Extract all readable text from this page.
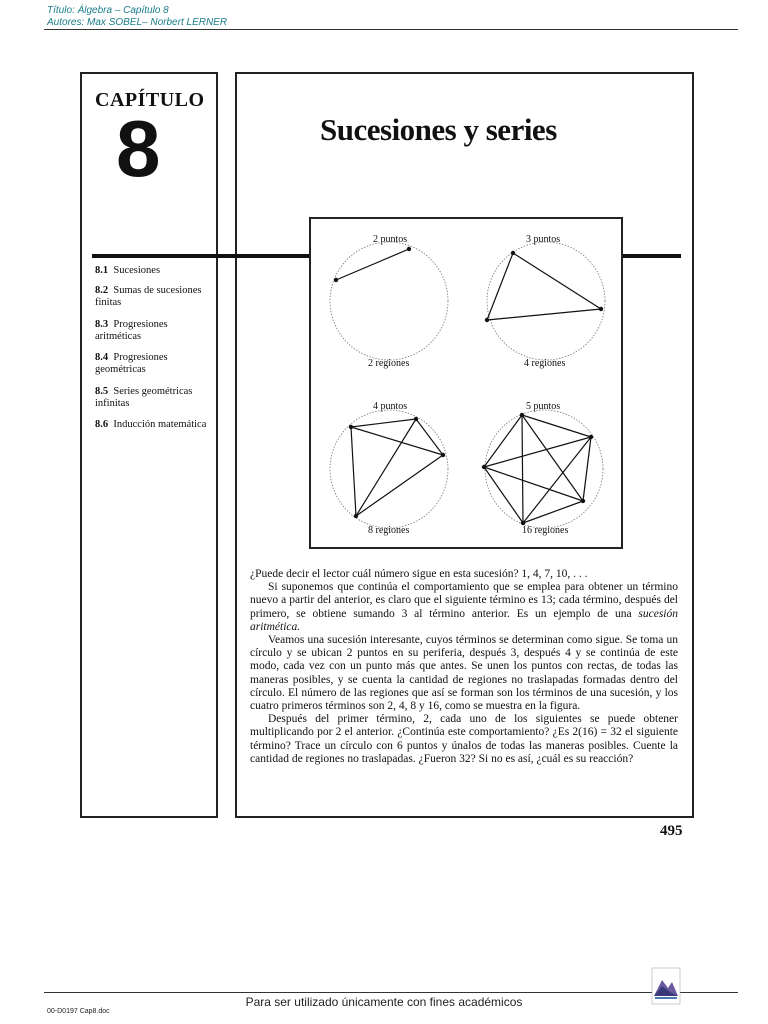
Título: Álgebra – Capítulo 8
Autores: Max SOBEL– Norbert LERNER
CAPÍTULO
8	Sucesiones y series
8.1 Sucesiones
8.2 Sumas de sucesiones finitas
8.3 Progresiones aritméticas
8.4 Progresiones geométricas
8.5 Series geométricas infinitas
8.6 Inducción matemática
2 puntos	3 puntos
2 regiones	4 regiones
4 puntos	5 puntos
8 regiones	16 regiones

¿Puede decir el lector cuál número sigue en esta sucesión? 1, 4, 7, 10, . . .

Si suponemos que continúa el comportamiento que se emplea para obtener un término nuevo a partir del anterior, es claro que el siguiente término es 13; cada término, después del primero, se obtiene sumando 3 al término anterior. Es un ejemplo de una sucesión aritmética.

Veamos una sucesión interesante, cuyos términos se determinan como sigue. Se toma un círculo y se ubican 2 puntos en su periferia, después 3, después 4 y se continúa de este modo, cada vez con un punto más que antes. Se unen los puntos con rectas, de todas las maneras posibles, y se cuenta la cantidad de regiones no traslapadas formadas dentro del círculo. El número de las regiones que así se forman son los términos de una sucesión, y los cuatro primeros términos son 2, 4, 8 y 16, como se muestra en la figura.

Después del primer término, 2, cada uno de los siguientes se puede obtener multiplicando por 2 el anterior. ¿Continúa este comportamiento? ¿Es 2(16) = 32 el siguiente término? Trace un círculo con 6 puntos y únalos de todas las maneras posibles. Cuente la cantidad de regiones no traslapadas. ¿Fueron 32? Si no es así, ¿cuál es su reacción?

495
Para ser utilizado únicamente con fines académicos
00-D0197 Cap8.doc
